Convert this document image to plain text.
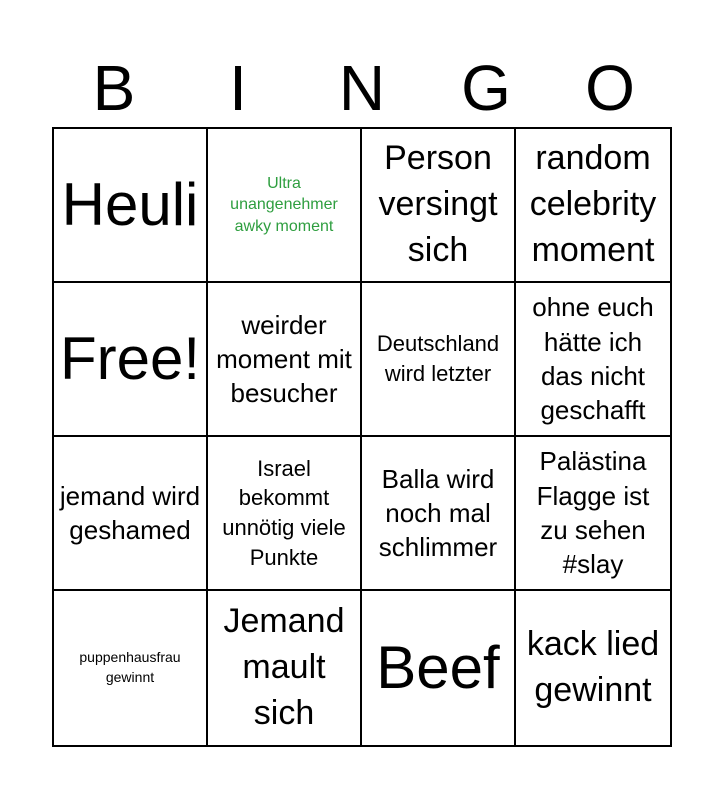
B	I	N	G	O
Heuli	Ultra unangenehmer awky moment
Person versingt sich
random celebrity moment
Free!
weirder moment mit besucher
Deutschland wird letzter
ohne euch hätte ich das nicht geschafft
jemand wird geshamed
Israel bekommt unnötig viele Punkte
Balla wird noch mal schlimmer
Palästina Flagge ist zu sehen #slay
puppenhausfrau gewinnt
Jemand mault sich
Beef kack lied gewinnt
